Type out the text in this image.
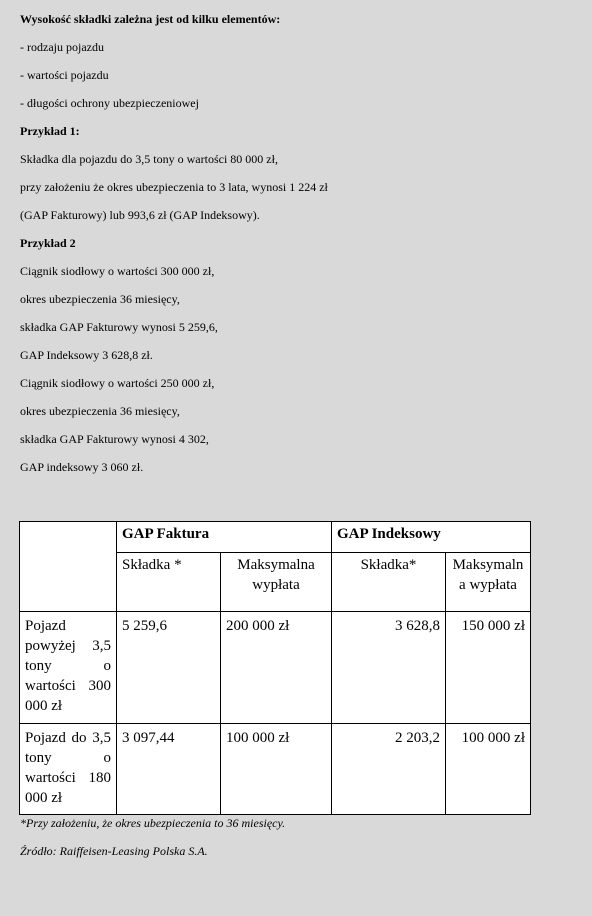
Wysokość składki zależna jest od kilku elementów:
- rodzaju pojazdu
- wartości pojazdu
- długości ochrony ubezpieczeniowej
Przykład 1:
Składka dla pojazdu do 3,5 tony o wartości 80 000 zł,
przy założeniu że okres ubezpieczenia to 3 lata, wynosi 1 224 zł
(GAP Fakturowy) lub 993,6 zł (GAP Indeksowy).
Przykład 2
Ciągnik siodłowy o wartości 300 000 zł,
okres ubezpieczenia 36 miesięcy,
składka GAP Fakturowy wynosi 5 259,6,
GAP Indeksowy 3 628,8 zł.
Ciągnik siodłowy o wartości 250 000 zł,
okres ubezpieczenia 36 miesięcy,
składka GAP Fakturowy wynosi 4 302,
GAP indeksowy 3 060 zł.
	GAP Faktura		GAP Indeksowy	
	Składka *	Maksymalna wypłata	Składka*	Maksymaln a wypłata
Pojazd powyżej 3,5 tony o wartości 300 000 zł	5 259,6	200 000 zł	3 628,8	150 000 zł
Pojazd do 3,5 tony o wartości 180 000 zł	3 097,44	100 000 zł	2 203,2	100 000 zł
*Przy założeniu, że okres ubezpieczenia to 36 miesięcy.
Źródło: Raiffeisen-Leasing Polska S.A.
